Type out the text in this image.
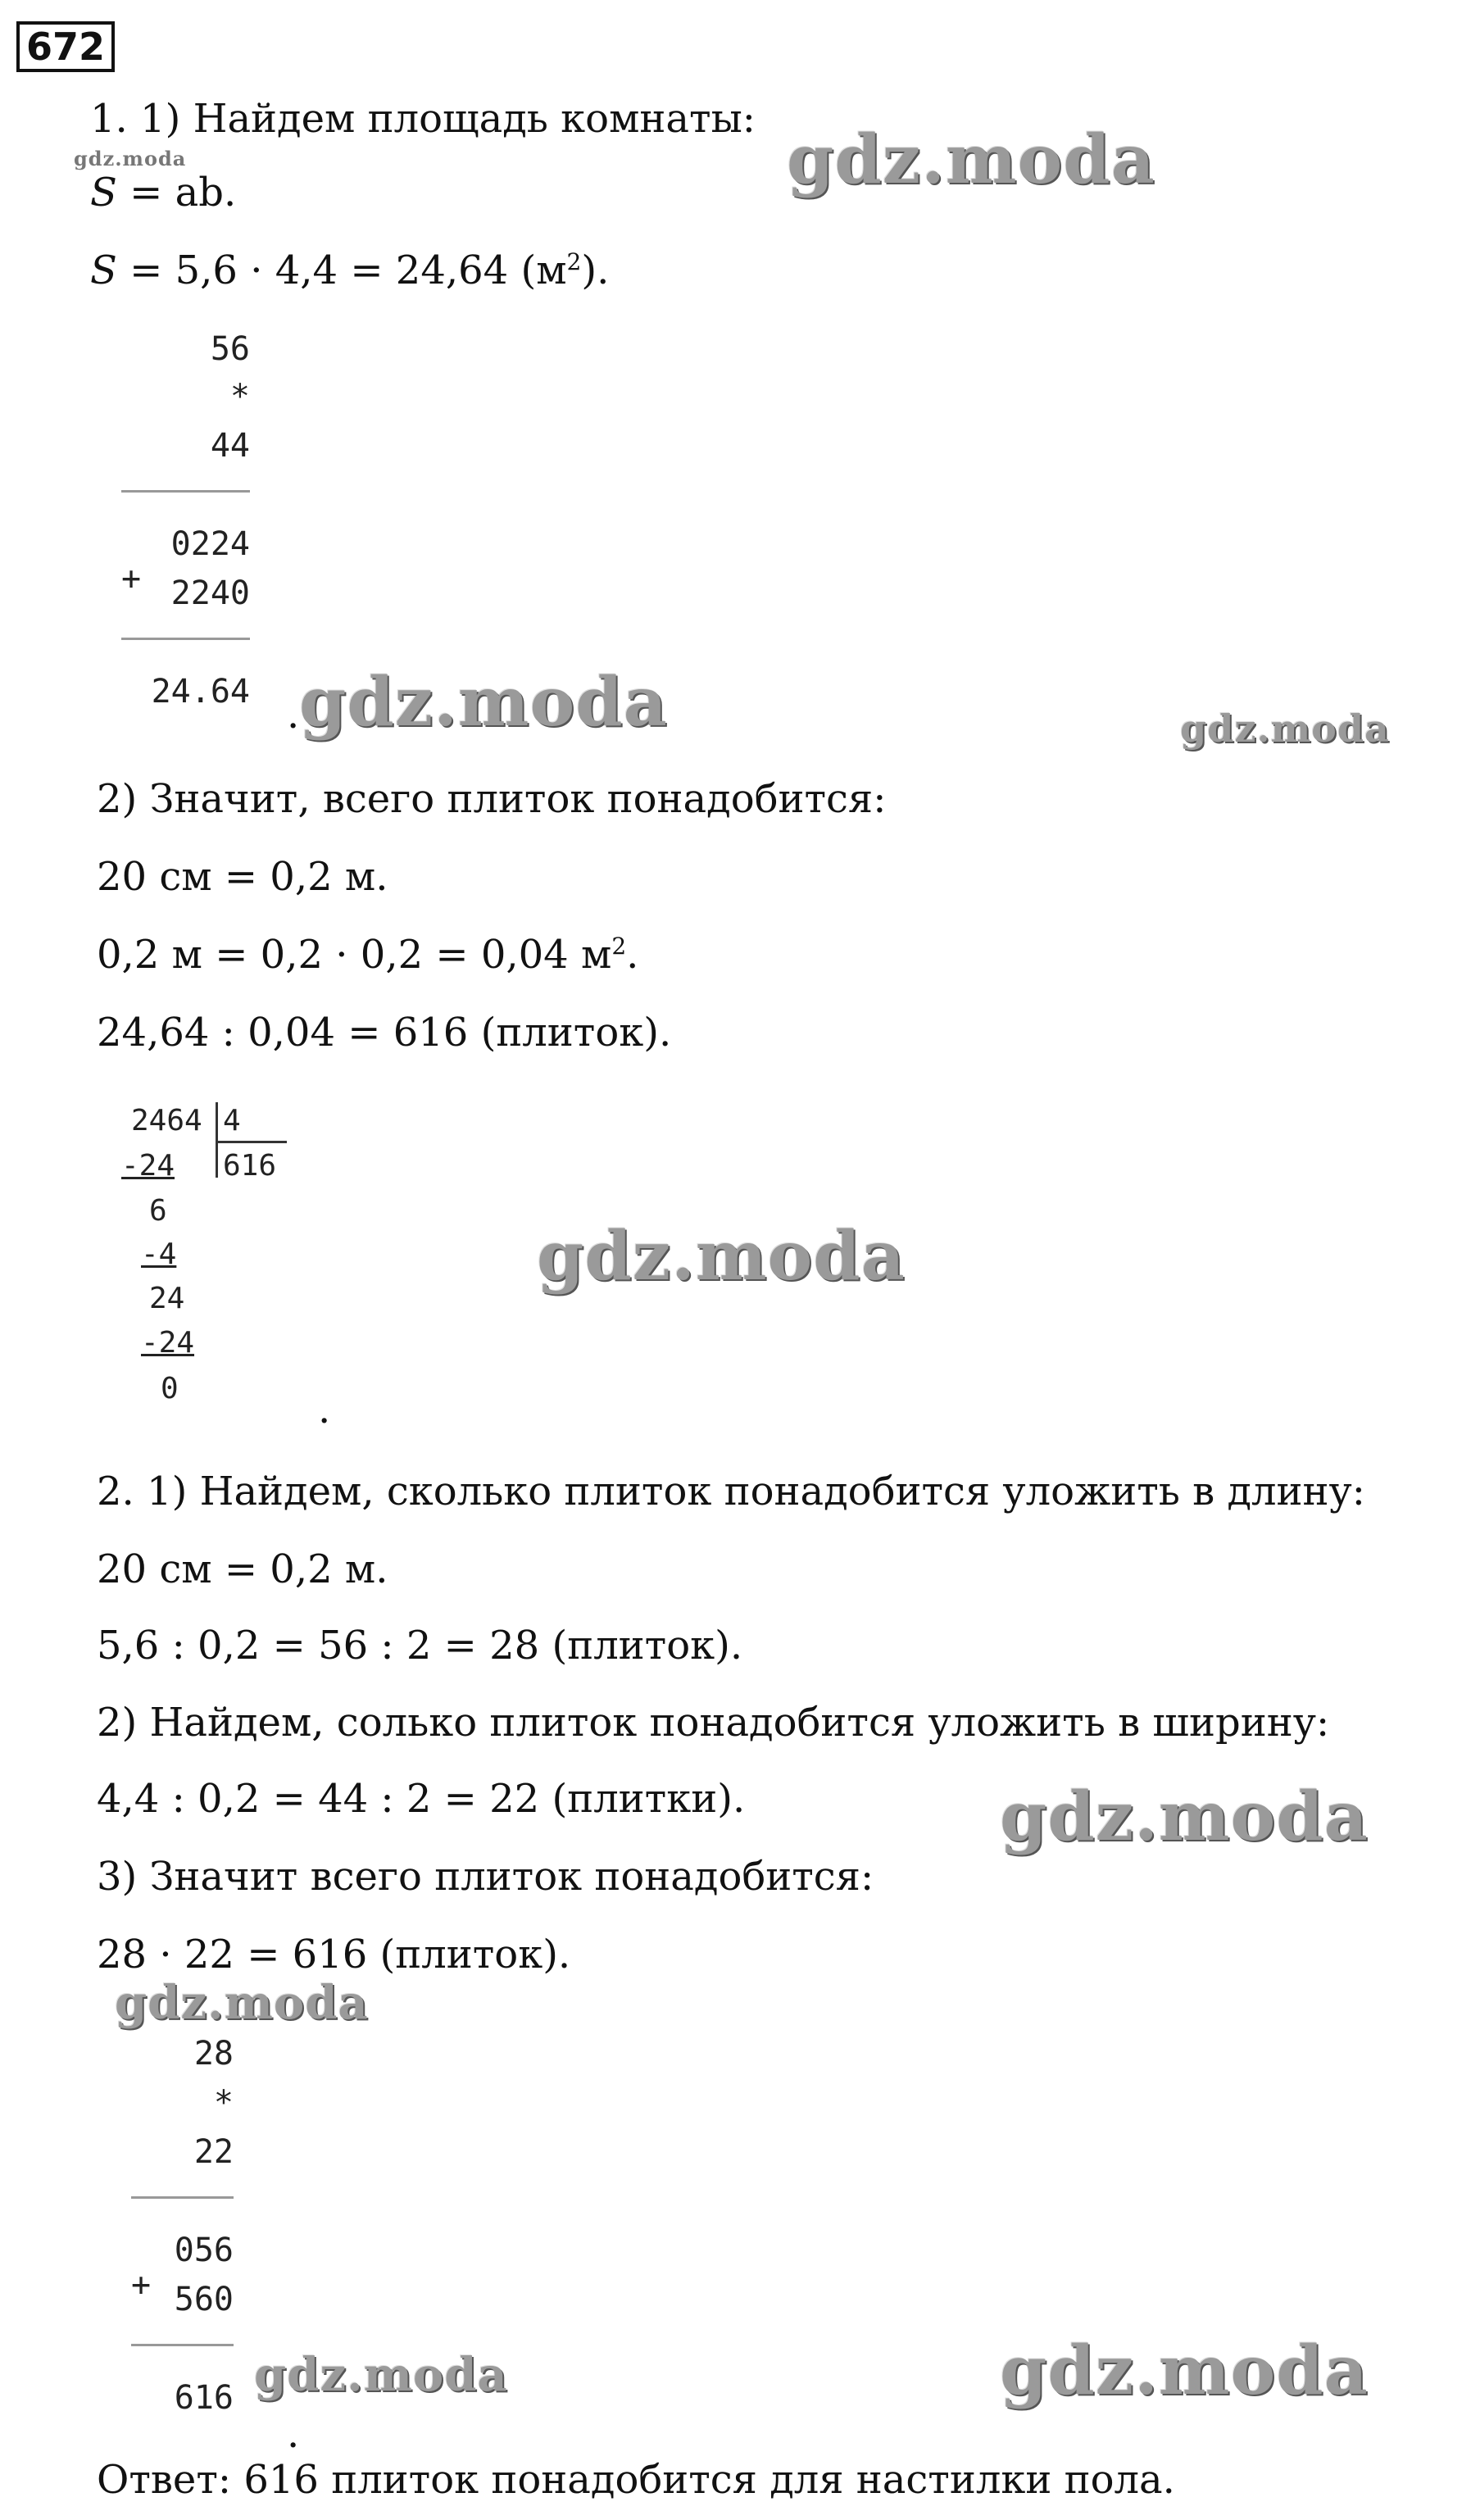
672
1. 1) Найдем площадь комнаты:
gdz.moda
S = ab.
S = 5,6 · 4,4 = 24,64 $(м^2)$.
gdz.moda
56
*
44
+
0224
2240
24.64 . gdz.moda	gdz.moda
2) Значит, всего плиток понадобится:
20 см = 0,2 м.
0,2 м = 0,2 · 0,2 = 0,04 $м^2$.
24,64 : 0,04 = 616 (плиток).
2464 4
616
-24
6
-4
24
-24
0
gdz.moda
.
2. 1) Найдем, сколько плиток понадобится уложить в длину:
20 см = 0,2 м.
5,6 : 0,2 = 56 : 2 = 28 (плиток).
2) Найдем, солько плиток понадобится уложить в ширину:
4,4 : 0,2 = 44 : 2 = 22 (плитки).	gdz.moda
3) Значит всего плиток понадобится:
28 · 22 = 616 (плиток).
gdz.moda
28
*
22
+
056
560
616 gdz.moda	gdz.moda
.
Ответ: 616 плиток понадобится для настилки пола.
